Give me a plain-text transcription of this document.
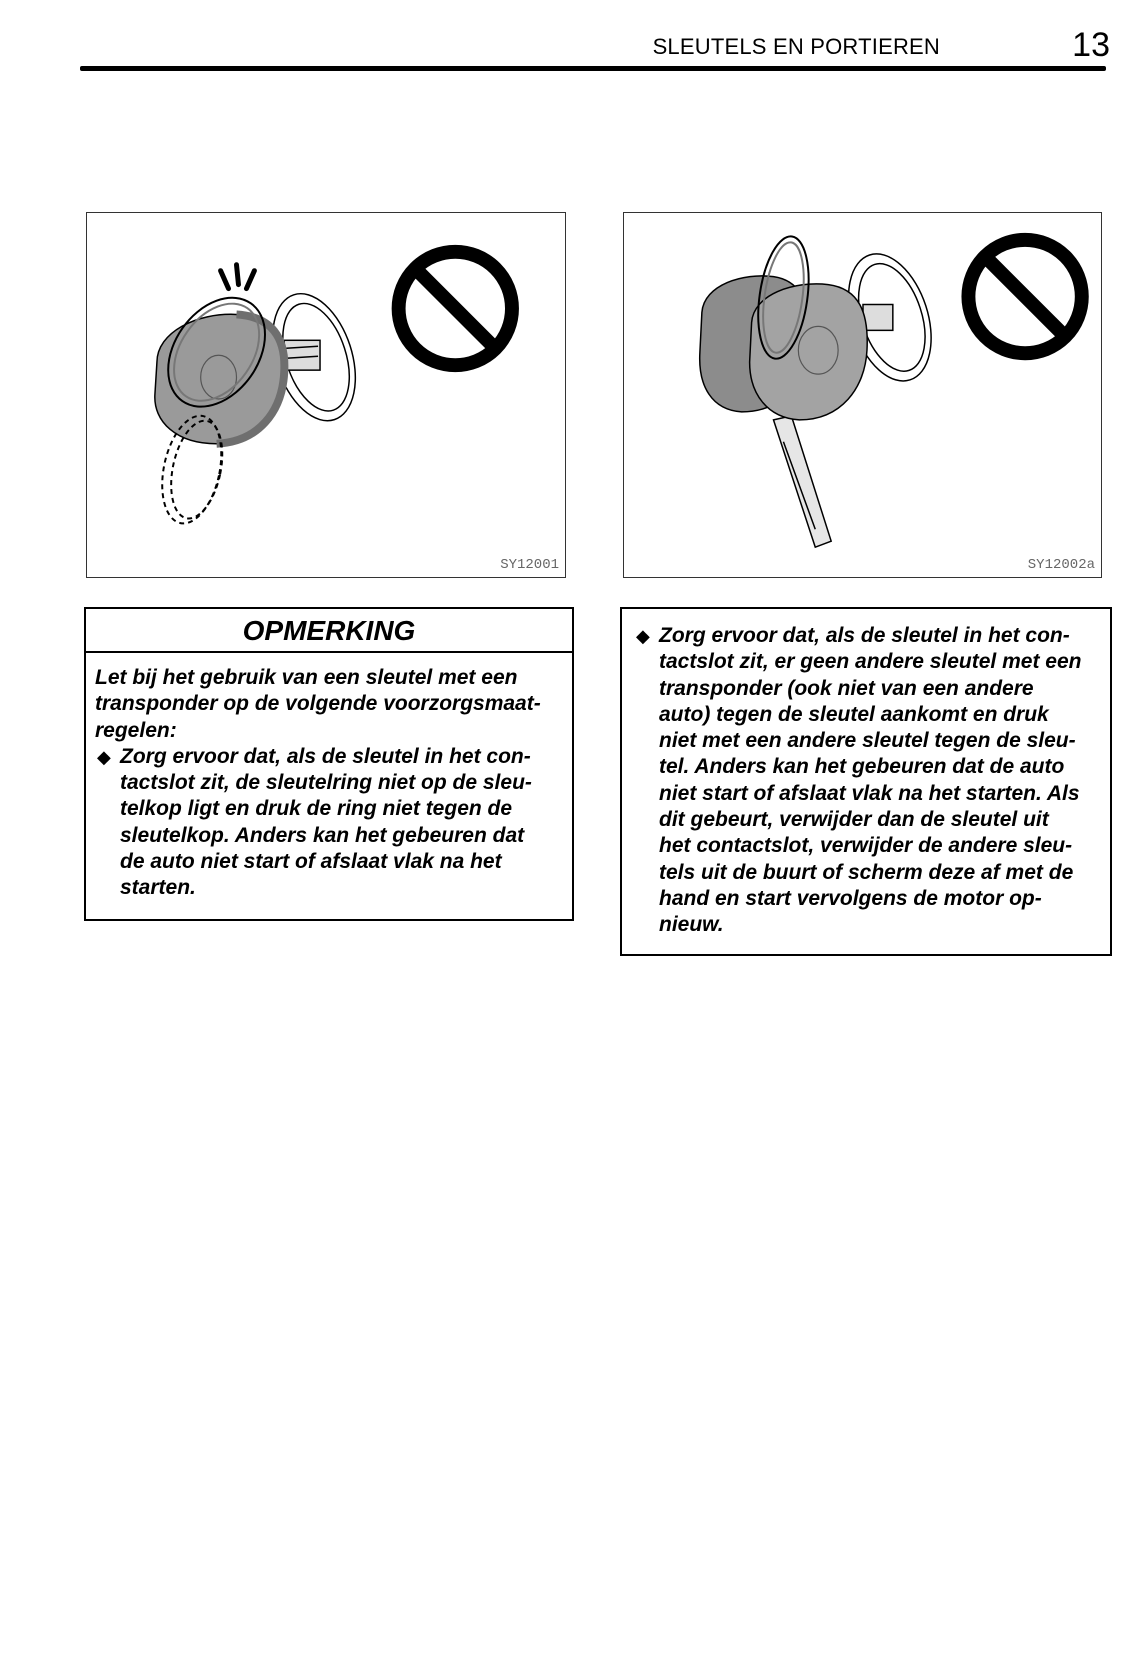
SLEUTELS EN PORTIEREN	13
SY12001	SY12002a
OPMERKING
Let bij het gebruik van een sleutel met een
transponder op de volgende voorzorgsmaat-
regelen:
◆ Zorg ervoor dat, als de sleutel in het con-
tactslot zit, de sleutelring niet op de sleu-
telkop ligt en druk de ring niet tegen de
sleutelkop. Anders kan het gebeuren dat
de auto niet start of afslaat vlak na het
starten.
◆ Zorg ervoor dat, als de sleutel in het con-
tactslot zit, er geen andere sleutel met een
transponder (ook niet van een andere
auto) tegen de sleutel aankomt en druk
niet met een andere sleutel tegen de sleu-
tel. Anders kan het gebeuren dat de auto
niet start of afslaat vlak na het starten. Als
dit gebeurt, verwijder dan de sleutel uit
het contactslot, verwijder de andere sleu-
tels uit de buurt of scherm deze af met de
hand en start vervolgens de motor op-
nieuw.
